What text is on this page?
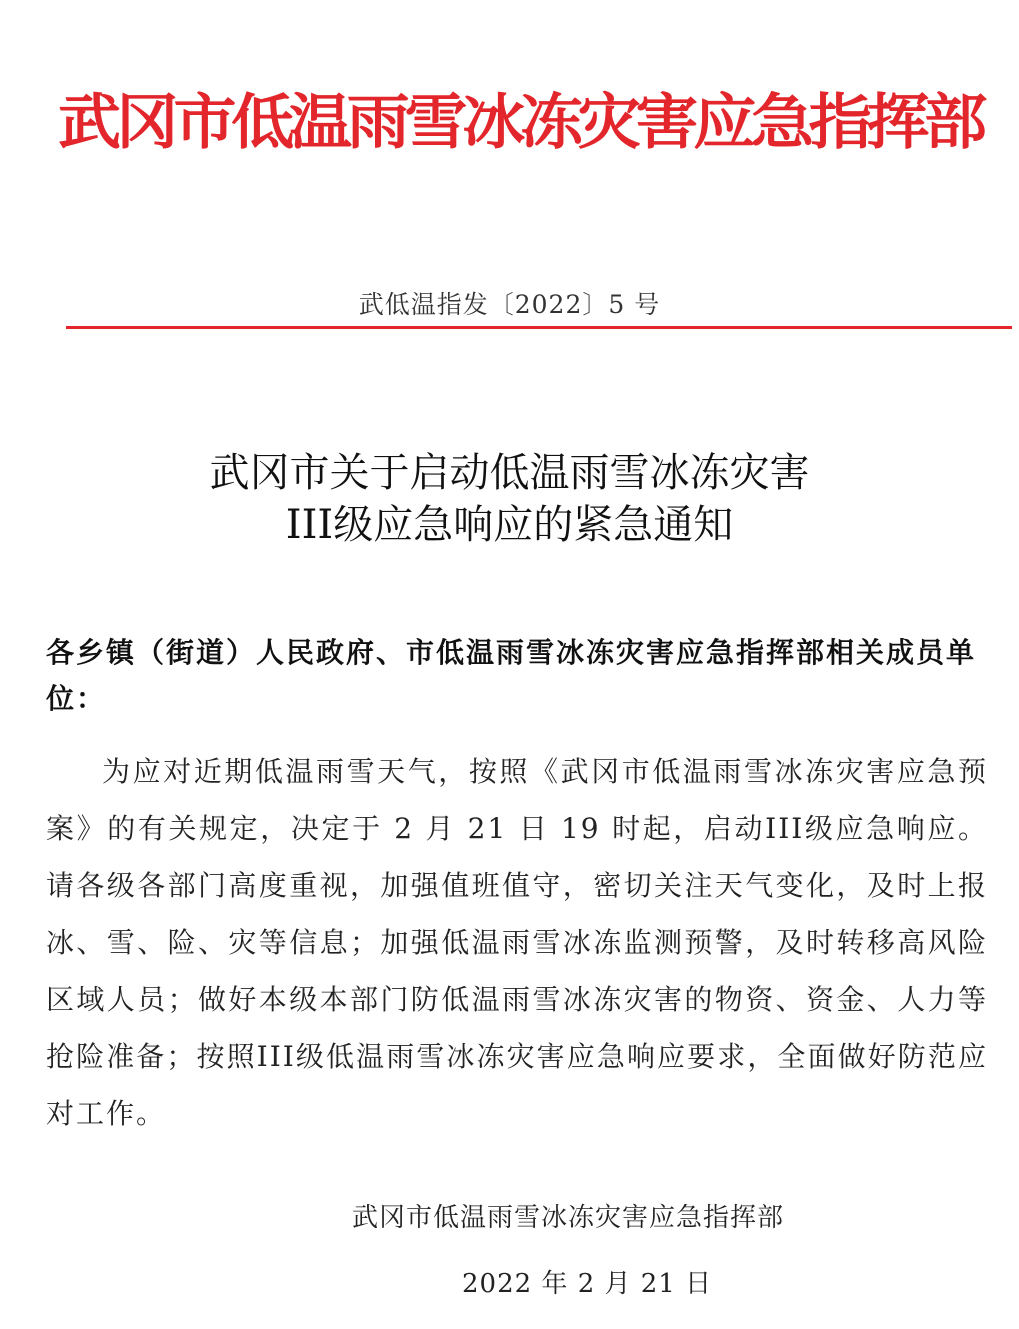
武冈市低温雨雪冰冻灾害应急指挥部
武低温指发〔2022〕5 号
武冈市关于启动低温雨雪冰冻灾害
III级应急响应的紧急通知
各乡镇（街道）人民政府、市低温雨雪冰冻灾害应急指挥部相关成员单位：
为应对近期低温雨雪天气，按照《武冈市低温雨雪冰冻灾害应急预案》的有关规定，决定于 2 月 21 日 19 时起，启动III级应急响应。请各级各部门高度重视，加强值班值守，密切关注天气变化，及时上报冰、雪、险、灾等信息；加强低温雨雪冰冻监测预警，及时转移高风险区域人员；做好本级本部门防低温雨雪冰冻灾害的物资、资金、人力等抢险准备；按照III级低温雨雪冰冻灾害应急响应要求，全面做好防范应对工作。
武冈市低温雨雪冰冻灾害应急指挥部
2022 年 2 月 21 日
